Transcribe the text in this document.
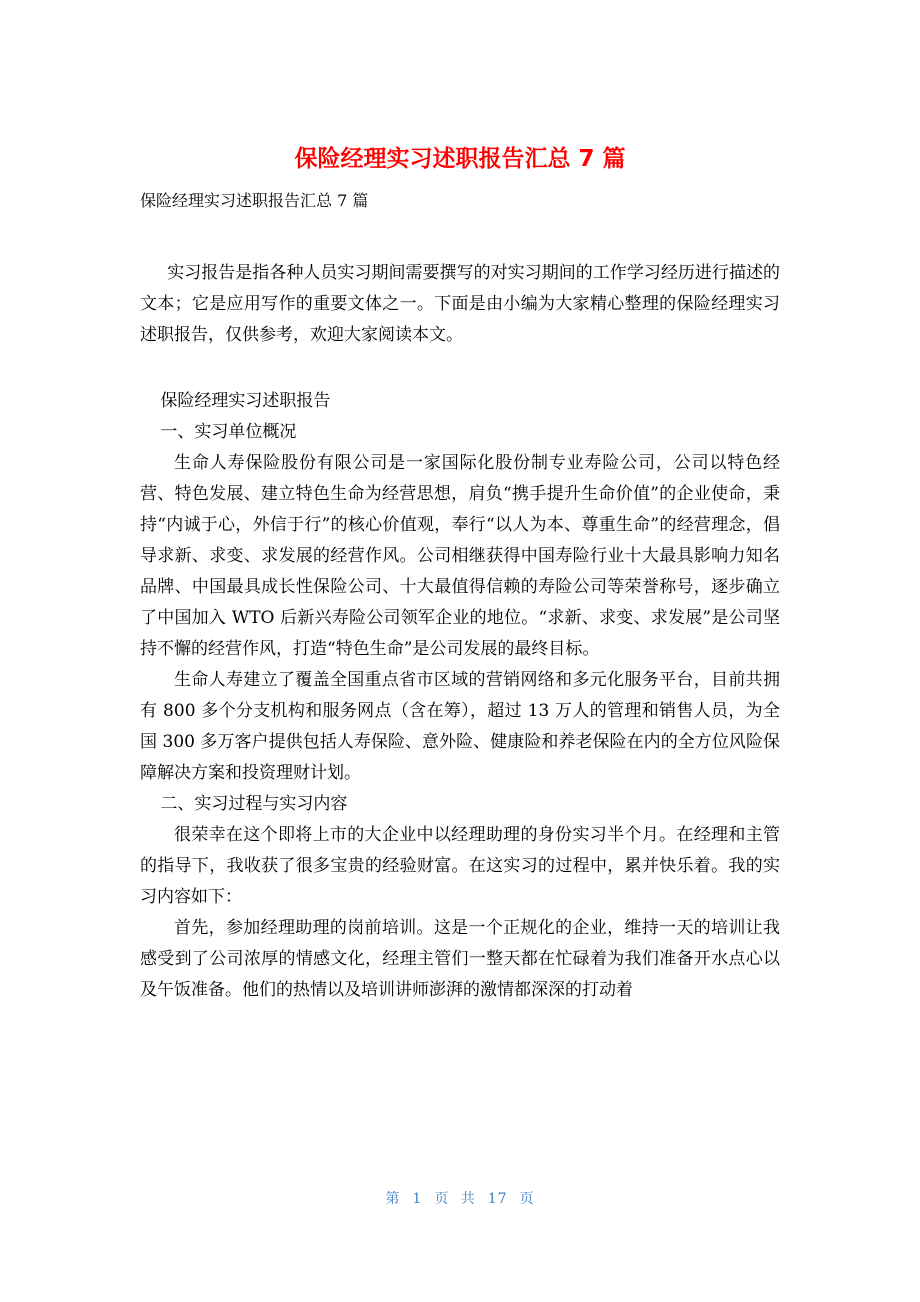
保险经理实习述职报告汇总 7 篇

保险经理实习述职报告汇总 7 篇

实习报告是指各种人员实习期间需要撰写的对实习期间的工作学习经历进行描述的文本；它是应用写作的重要文体之一。下面是由小编为大家精心整理的保险经理实习述职报告，仅供参考，欢迎大家阅读本文。

保险经理实习述职报告

一、实习单位概况

生命人寿保险股份有限公司是一家国际化股份制专业寿险公司，公司以特色经营、特色发展、建立特色生命为经营思想，肩负“携手提升生命价值”的企业使命，秉持“内诚于心，外信于行”的核心价值观，奉行“以人为本、尊重生命”的经营理念，倡导求新、求变、求发展的经营作风。公司相继获得中国寿险行业十大最具影响力知名品牌、中国最具成长性保险公司、十大最值得信赖的寿险公司等荣誉称号，逐步确立了中国加入 WTO 后新兴寿险公司领军企业的地位。“求新、求变、求发展”是公司坚持不懈的经营作风，打造“特色生命”是公司发展的最终目标。

生命人寿建立了覆盖全国重点省市区域的营销网络和多元化服务平台，目前共拥有 800 多个分支机构和服务网点（含在筹），超过 13 万人的管理和销售人员，为全国 300 多万客户提供包括人寿保险、意外险、健康险和养老保险在内的全方位风险保障解决方案和投资理财计划。

二、实习过程与实习内容

很荣幸在这个即将上市的大企业中以经理助理的身份实习半个月。在经理和主管的指导下，我收获了很多宝贵的经验财富。在这实习的过程中，累并快乐着。我的实习内容如下：

首先，参加经理助理的岗前培训。这是一个正规化的企业，维持一天的培训让我感受到了公司浓厚的情感文化，经理主管们一整天都在忙碌着为我们准备开水点心以及午饭准备。他们的热情以及培训讲师澎湃的激情都深深的打动着

第 1 页 共 17 页
